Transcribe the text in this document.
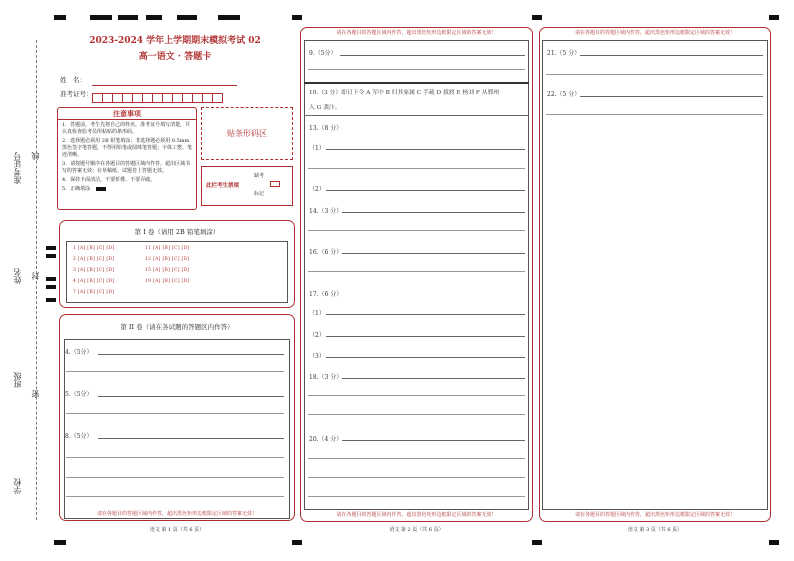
准考证号 线
姓名 封
班级
密
学校
2023-2024 学年上学期期末模拟考试 02
高一语文 · 答题卡
姓　名：
准考证号：
注意事项
1．答题前，考生先将自己的姓名，准考证号填写清楚，并认真检查监考员所粘贴的条形码。
2．选择题必须用 2B 铅笔填涂；非选择题必须用 0.5mm 黑色签字笔答题，不得用铅笔或圆珠笔答题；字体工整、笔迹清晰。
3．请按题号顺序在各题目的答题区域内作答，超出区域书写的答案无效；在草稿纸、试题卷上答题无效。
4．保持卡面清洁，不要折叠、不要弄破。
5．正确填涂
贴条形码区
此栏考生禁填
缺考
标记
第 I 卷（请用 2B 铅笔填涂）
1 [A] [B] [C] [D]
2 [A] [B] [C] [D]
3 [A] [B] [C] [D]
4 [A] [B] [C] [D]
7 [A] [B] [C] [D]
11 [A] [B] [C] [D]
12 [A] [B] [C] [D]
15 [A] [B] [C] [D]
19 [A] [B] [C] [D]
第 II 卷（请在各试题的答题区内作答）
4.（5分）
5.（5分）
8.（5分）
请在各题目的答题区域内作答，超出黑色矩形边框限定区域的答案无效！
语文 第 1 页（共 6 页）
请在各题目的答题区域内作答，超出黑色矩形边框限定区域的答案无效！
9.（5分）
10.（3 分）即日下令 A 军中 B 归其家属 C 手疏 D 拔渡 E 杨刘 F 从郓州
入 G 袭汴。
13.（8 分）
（1）
（2）
14.（3 分）
16.（6 分）
17.（6 分）
（1）
（2）
（3）
18.（3 分）
20.（4 分）
请在各题目的答题区域内作答，超出黑色矩形边框限定区域的答案无效！
语文 第 2 页（共 6 页）
请在各题目的答题区域内作答，超出黑色矩形边框限定区域的答案无效！
21.（5 分）
22.（5 分）
请在各题目的答题区域内作答，超出黑色矩形边框限定区域的答案无效！
语文 第 3 页（共 6 页）
